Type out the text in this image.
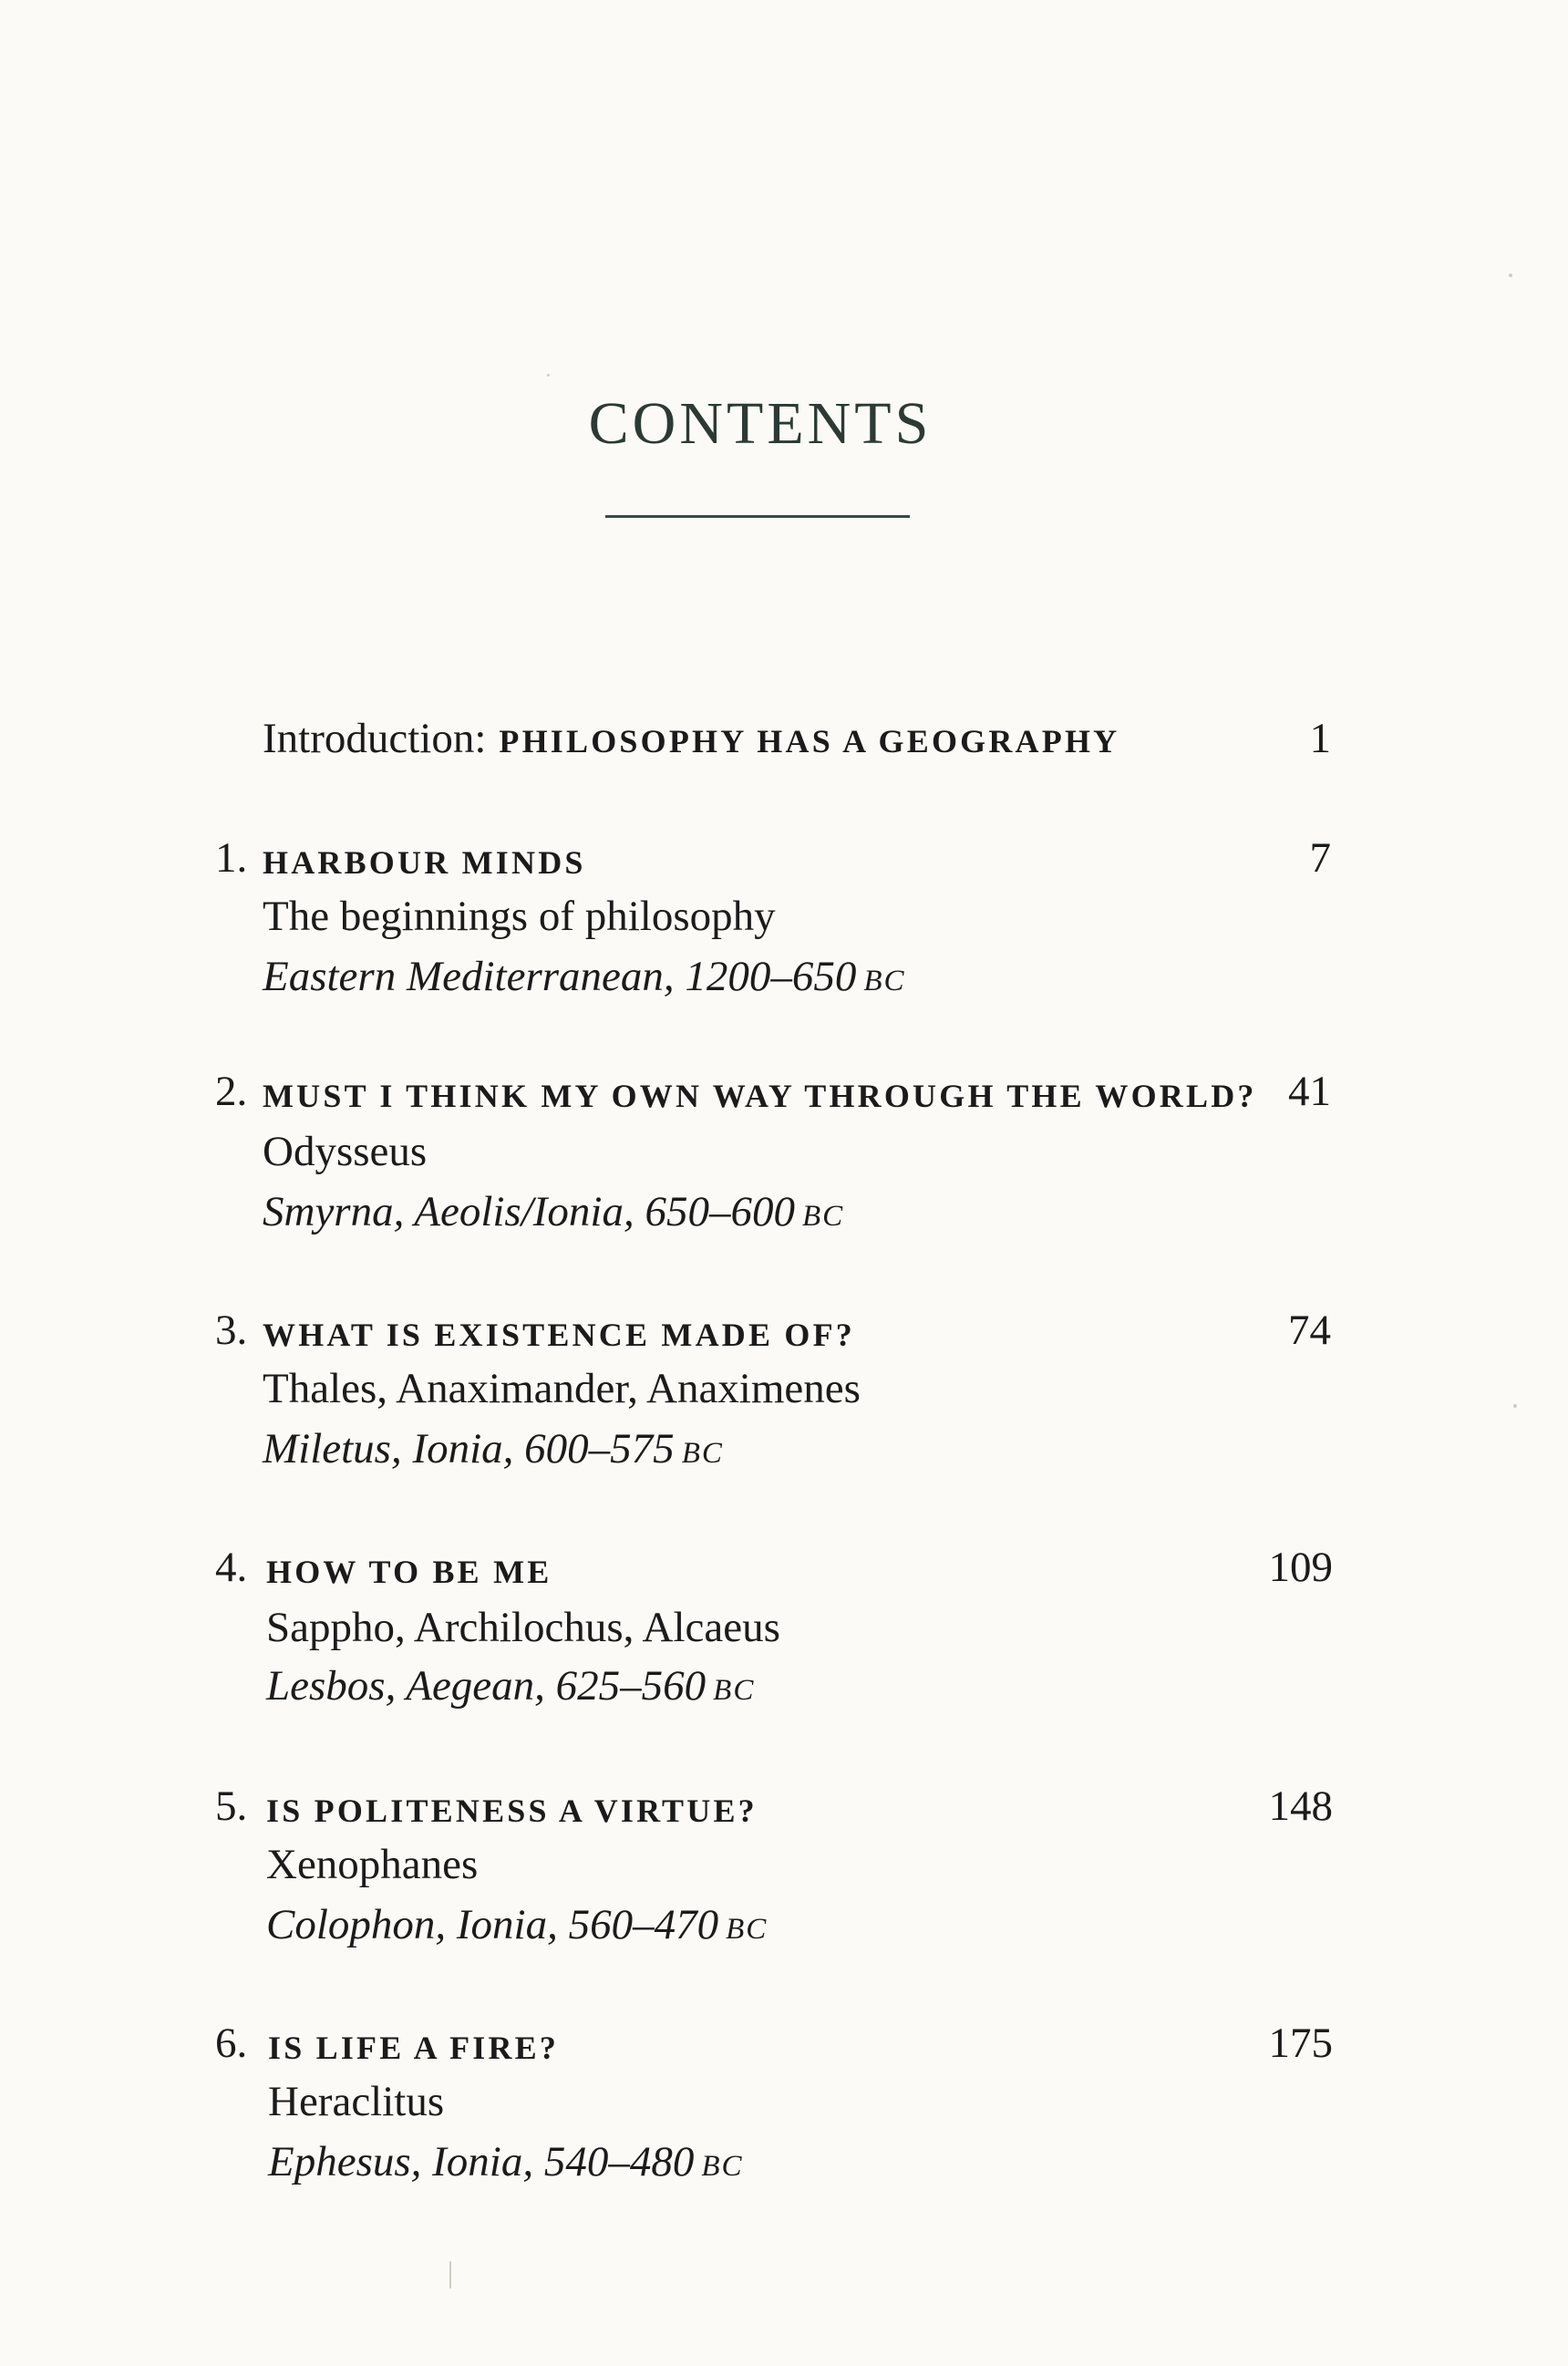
CONTENTS
Introduction: PHILOSOPHY HAS A GEOGRAPHY	1
1. HARBOUR MINDS	7
The beginnings of philosophy
Eastern Mediterranean, 1200–650 BC
2. MUST I THINK MY OWN WAY THROUGH THE WORLD? 41
Odysseus
Smyrna, Aeolis/Ionia, 650–600 BC
3. WHAT IS EXISTENCE MADE OF?	74
Thales, Anaximander, Anaximenes
Miletus, Ionia, 600–575 BC
4. HOW TO BE ME	109
Sappho, Archilochus, Alcaeus
Lesbos, Aegean, 625–560 BC
5. IS POLITENESS A VIRTUE?	148
Xenophanes
Colophon, Ionia, 560–470 BC
6. IS LIFE A FIRE?	175
Heraclitus
Ephesus, Ionia, 540–480 BC
